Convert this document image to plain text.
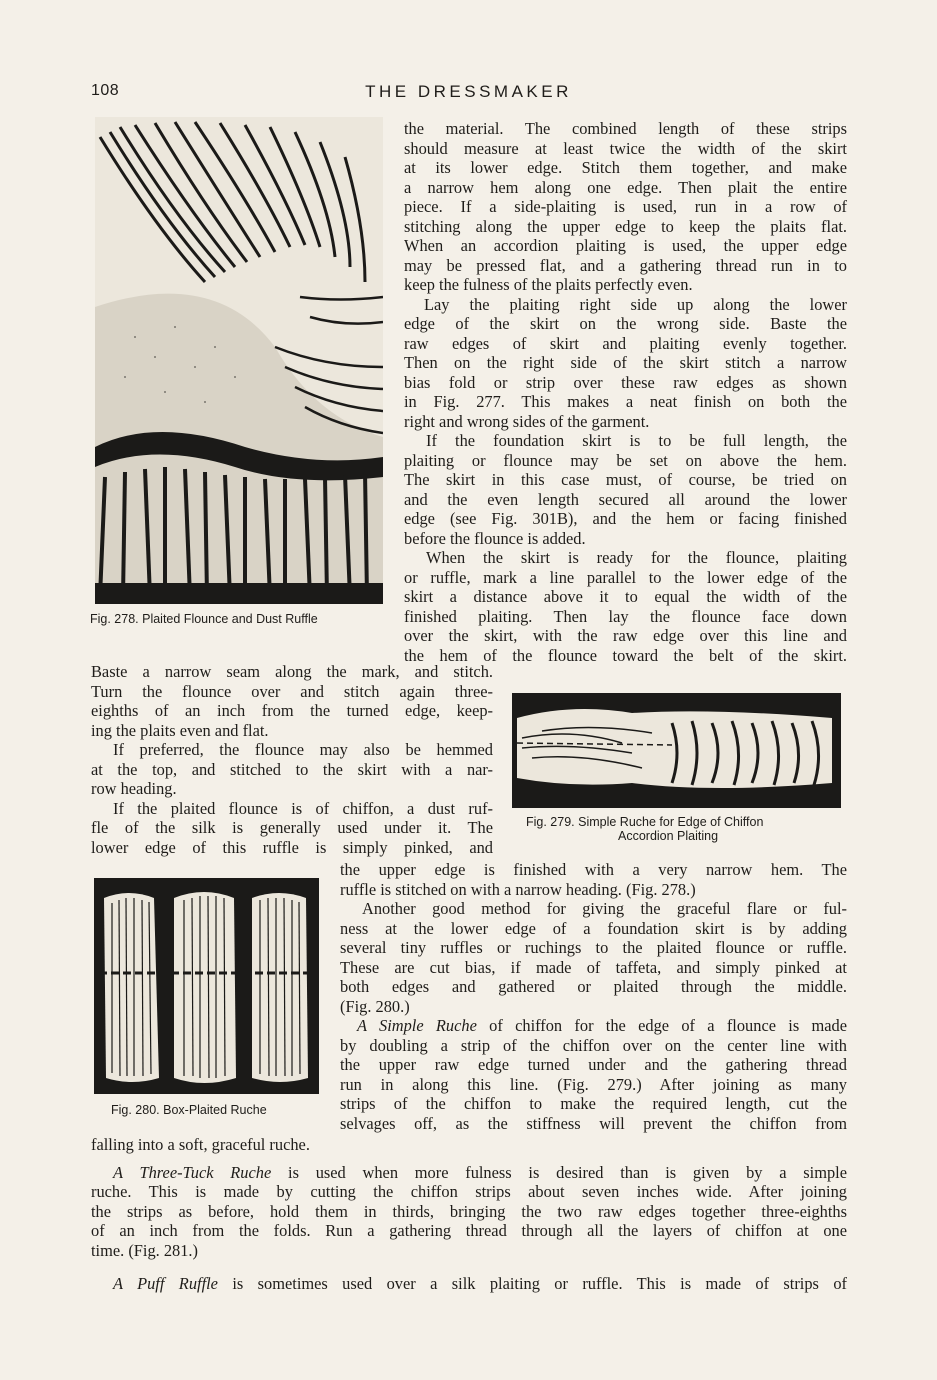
108	THE DRESSMAKER
Fig. 278. Plaited Flounce and Dust Ruffle
Fig. 279. Simple Ruche for Edge of Chiffon
Accordion Plaiting
Fig. 280. Box-Plaited Ruche
the material. The combined length of these strips
should measure at least twice the width of the skirt
at its lower edge. Stitch them together, and make
a narrow hem along one edge. Then plait the entire
piece. If a side-plaiting is used, run in a row of
stitching along the upper edge to keep the plaits flat.
When an accordion plaiting is used, the upper edge
may be pressed flat, and a gathering thread run in to
keep the fulness of the plaits perfectly even.
Lay the plaiting right side up along the lower
edge of the skirt on the wrong side. Baste the
raw edges of skirt and plaiting evenly together.
Then on the right side of the skirt stitch a narrow
bias fold or strip over these raw edges as shown
in Fig. 277. This makes a neat finish on both the
right and wrong sides of the garment.
If the foundation skirt is to be full length, the
plaiting or flounce may be set on above the hem.
The skirt in this case must, of course, be tried on
and the even length secured all around the lower
edge (see Fig. 301B), and the hem or facing finished
before the flounce is added.
When the skirt is ready for the flounce, plaiting
or ruffle, mark a line parallel to the lower edge of the
skirt a distance above it to equal the width of the
finished plaiting. Then lay the flounce face down
over the skirt, with the raw edge over this line and
the hem of the flounce toward the belt of the skirt.
Baste a narrow seam along the mark, and stitch.
Turn the flounce over and stitch again three-
eighths of an inch from the turned edge, keep-
ing the plaits even and flat.
If preferred, the flounce may also be hemmed
at the top, and stitched to the skirt with a nar-
row heading.
If the plaited flounce is of chiffon, a dust ruf-
fle of the silk is generally used under it. The
lower edge of this ruffle is simply pinked, and
the upper edge is finished with a very narrow hem. The
ruffle is stitched on with a narrow heading. (Fig. 278.)
Another good method for giving the graceful flare or ful-
ness at the lower edge of a foundation skirt is by adding
several tiny ruffles or ruchings to the plaited flounce or ruffle.
These are cut bias, if made of taffeta, and simply pinked at
both edges and gathered or plaited through the middle.
(Fig. 280.)
A Simple Ruche of chiffon for the edge of a flounce is made
by doubling a strip of the chiffon over on the center line with
the upper raw edge turned under and the gathering thread
run in along this line. (Fig. 279.) After joining as many
strips of the chiffon to make the required length, cut the
selvages off, as the stiffness will prevent the chiffon from
falling into a soft, graceful ruche.
A Three-Tuck Ruche is used when more fulness is desired than is given by a simple
ruche. This is made by cutting the chiffon strips about seven inches wide. After joining
the strips as before, hold them in thirds, bringing the two raw edges together three-eighths
of an inch from the folds. Run a gathering thread through all the layers of chiffon at one
time. (Fig. 281.)
A Puff Ruffle is sometimes used over a silk plaiting or ruffle. This is made of strips of
